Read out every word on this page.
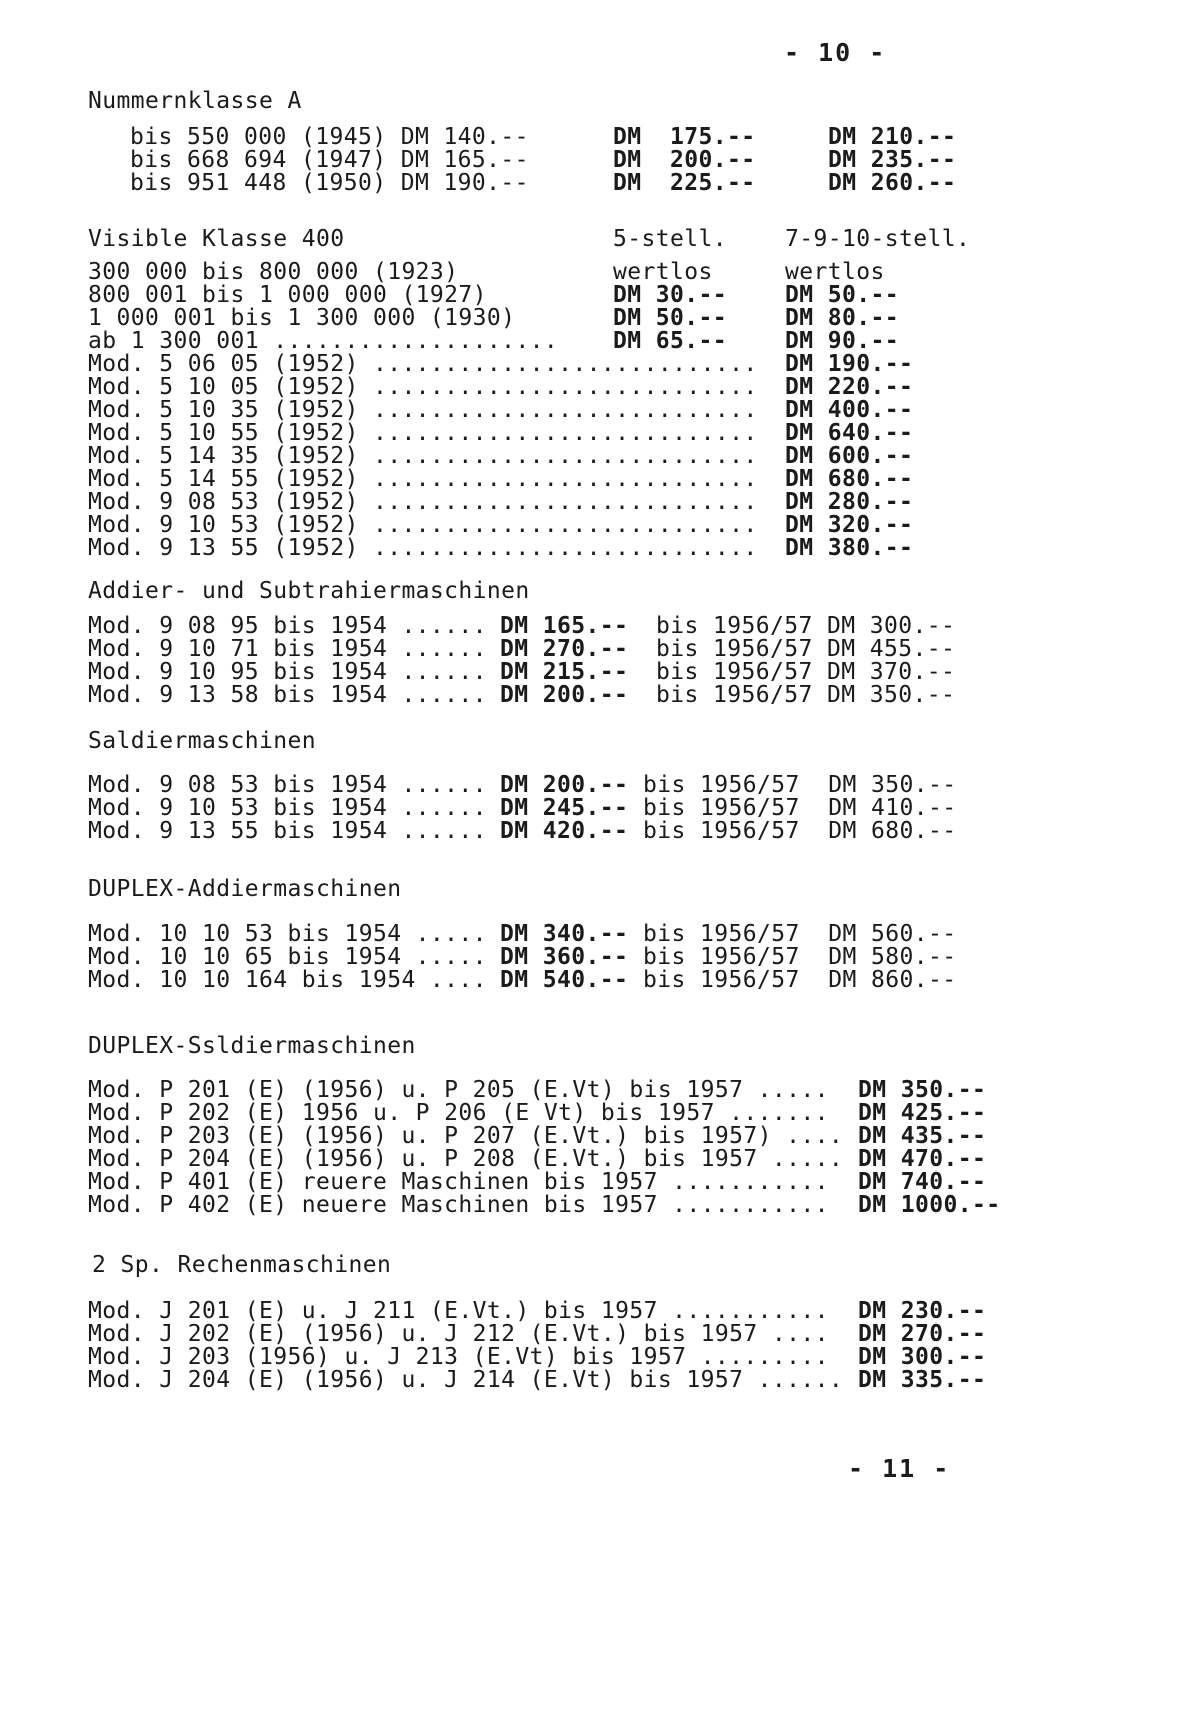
- 10 -
Nummernklasse A
bis 550 000 (1945) DM 140.--	DM  175.--	DM 210.--
bis 668 694 (1947) DM 165.--	DM  200.--	DM 235.--
bis 951 448 (1950) DM 190.--	DM  225.--	DM 260.--
Visible Klasse 400	5-stell.	7-9-10-stell.
300 000 bis 800 000 (1923)	wertlos	wertlos
800 001 bis 1 000 000 (1927)	DM 30.--	DM 50.--
1 000 001 bis 1 300 000 (1930)	DM 50.--	DM 80.--
ab 1 300 001 .................... DM 65.--	DM 90.--
Mod. 5 06 05 (1952) ........................... DM 190.--
Mod. 5 10 05 (1952) ........................... DM 220.--
Mod. 5 10 35 (1952) ........................... DM 400.--
Mod. 5 10 55 (1952) ........................... DM 640.--
Mod. 5 14 35 (1952) ........................... DM 600.--
Mod. 5 14 55 (1952) ........................... DM 680.--
Mod. 9 08 53 (1952) ........................... DM 280.--
Mod. 9 10 53 (1952) ........................... DM 320.--
Mod. 9 13 55 (1952) ........................... DM 380.--
Addier- und Subtrahiermaschinen
Mod. 9 08 95 bis 1954 ...... DM 165.-- bis 1956/57 DM 300.--
Mod. 9 10 71 bis 1954 ...... DM 270.-- bis 1956/57 DM 455.--
Mod. 9 10 95 bis 1954 ...... DM 215.-- bis 1956/57 DM 370.--
Mod. 9 13 58 bis 1954 ...... DM 200.-- bis 1956/57 DM 350.--
Saldiermaschinen
Mod. 9 08 53 bis 1954 ...... DM 200.-- bis 1956/57  DM 350.--
Mod. 9 10 53 bis 1954 ...... DM 245.-- bis 1956/57  DM 410.--
Mod. 9 13 55 bis 1954 ...... DM 420.-- bis 1956/57  DM 680.--
DUPLEX-Addiermaschinen
Mod. 10 10 53 bis 1954 ..... DM 340.-- bis 1956/57  DM 560.--
Mod. 10 10 65 bis 1954 ..... DM 360.-- bis 1956/57  DM 580.--
Mod. 10 10 164 bis 1954 .... DM 540.-- bis 1956/57  DM 860.--
DUPLEX-Ssldiermaschinen
Mod. P 201 (E) (1956) u. P 205 (E.Vt) bis 1957 ..... DM 350.--
Mod. P 202 (E) 1956 u. P 206 (E Vt) bis 1957 ....... DM 425.--
Mod. P 203 (E) (1956) u. P 207 (E.Vt.) bis 1957) .... DM 435.--
Mod. P 204 (E) (1956) u. P 208 (E.Vt.) bis 1957 ..... DM 470.--
Mod. P 401 (E) reuere Maschinen bis 1957 ........... DM 740.--
Mod. P 402 (E) neuere Maschinen bis 1957 ........... DM 1000.--
2 Sp. Rechenmaschinen
Mod. J 201 (E) u. J 211 (E.Vt.) bis 1957 ........... DM 230.--
Mod. J 202 (E) (1956) u. J 212 (E.Vt.) bis 1957 .... DM 270.--
Mod. J 203 (1956) u. J 213 (E.Vt) bis 1957 ......... DM 300.--
Mod. J 204 (E) (1956) u. J 214 (E.Vt) bis 1957 ...... DM 335.--
- 11 -
